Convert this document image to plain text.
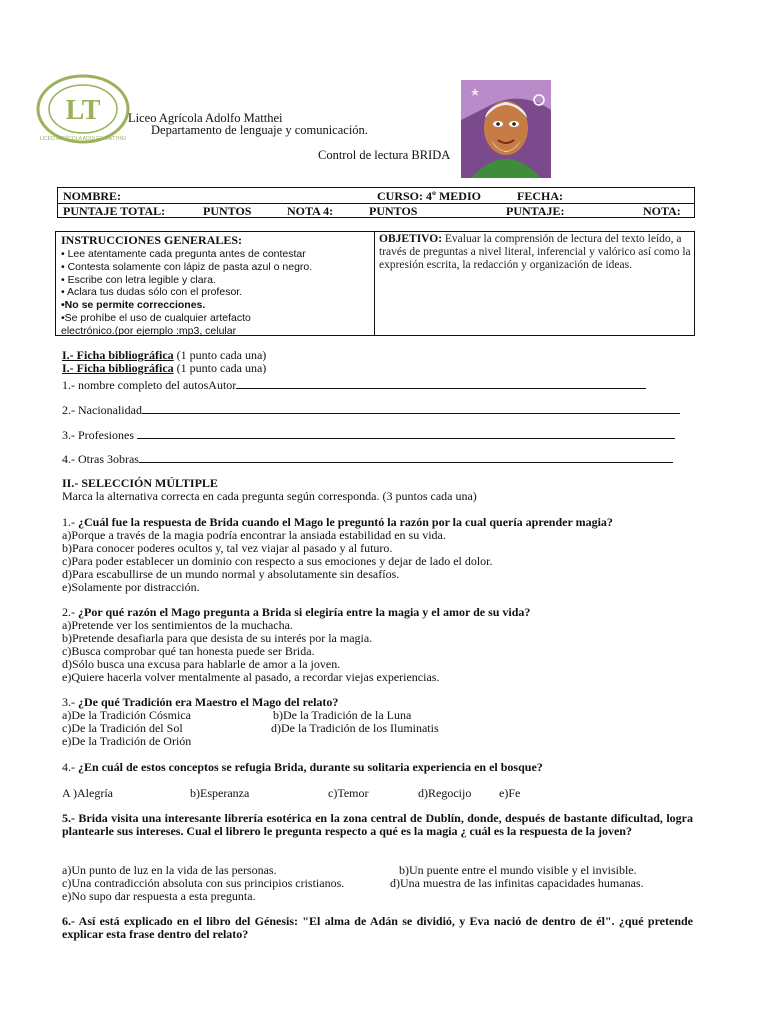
LT
LICEO AGRÍCOLA ADOLFO MATTHEI
Liceo Agrícola Adolfo Matthei
Departamento de lenguaje y comunicación.
Control de lectura BRIDA
NOMBRE:	CURSO: 4º MEDIO	FECHA:
PUNTAJE TOTAL:	PUNTOS	NOTA 4:	PUNTOS	PUNTAJE:	NOTA:
INSTRUCCIONES GENERALES:
• Lee atentamente cada pregunta antes de contestar
• Contesta solamente con lápiz de pasta azul o negro.
• Escribe con letra legible y clara.
• Aclara tus dudas sólo con el profesor.
•No se permite correcciones.
•Se prohíbe el uso de cualquier artefacto
electrónico.(por ejemplo :mp3, celular
OBJETIVO: Evaluar la comprensión de lectura del texto leído, a través de preguntas a nivel literal, inferencial y valórico así como la expresión escrita, la redacción y organización de ideas.
I.- Ficha bibliográfica (1 punto cada una)
I.- Ficha bibliográfica (1 punto cada una)
1.- nombre completo del autosAutor
2.- Nacionalidad
3.- Profesiones
4.- Otras 3obras
II.- SELECCIÓN MÚLTIPLE
Marca la alternativa correcta en cada pregunta según corresponda. (3 puntos cada una)
1.- ¿Cuál fue la respuesta de Brida cuando el Mago le preguntó la razón por la cual quería aprender magia?
a)Porque a través de la magia podría encontrar la ansiada estabilidad en su vida.
b)Para conocer poderes ocultos y, tal vez viajar al pasado y al futuro.
c)Para poder establecer un dominio con respecto a sus emociones y dejar de lado el dolor.
d)Para escabullirse de un mundo normal y absolutamente sin desafíos.
e)Solamente por distracción.
2.- ¿Por qué razón el Mago pregunta a Brida si elegiría entre la magia y el amor de su vida?
a)Pretende ver los sentimientos de la muchacha.
b)Pretende desafiarla para que desista de su interés por la magia.
c)Busca comprobar qué tan honesta puede ser Brida.
d)Sólo busca una excusa para hablarle de amor a la joven.
e)Quiere hacerla volver mentalmente al pasado, a recordar viejas experiencias.
3.- ¿De qué Tradición era Maestro el Mago del relato?
a)De la Tradición Cósmica	b)De la Tradición de la Luna
c)De la Tradición del Sol	d)De la Tradición de los Iluminatis
e)De la Tradición de Orión
4.- ¿En cuál de estos conceptos se refugia Brida, durante su solitaria experiencia en el bosque?
A )Alegría	b)Esperanza	c)Temor	d)Regocijo e)Fe
5.- Brida visita una interesante librería esotérica en la zona central de Dublín, donde, después de bastante dificultad, logra plantearle sus intereses. Cual el librero le pregunta respecto a qué es la magia ¿ cuál es la respuesta de la joven?
a)Un punto de luz en la vida de las personas.	b)Un puente entre el mundo visible y el invisible.
c)Una contradicción absoluta con sus principios cristianos.	d)Una muestra de las infinitas capacidades humanas.
e)No supo dar respuesta a esta pregunta.
6.- Así está explicado en el libro del Génesis: "El alma de Adán se dividió, y Eva nació de dentro de él". ¿qué pretende explicar esta frase dentro del relato?
